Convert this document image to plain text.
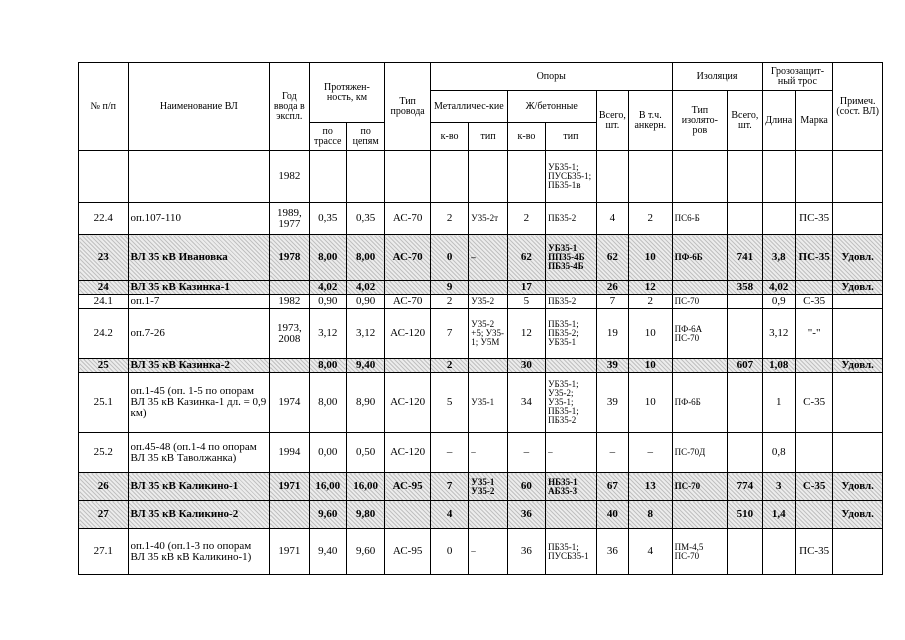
№ п/п	Наименование ВЛ	Год ввода в экспл.	Протяжен-ность, км		Тип провода	Опоры						Изоляция		Грозозащит-ный трос		Примеч. (сост. ВЛ)
						Металличес-кие		Ж/бетонные		Всего, шт.	В т.ч. анкерн.	Тип изолято-ров	Всего, шт.	Длина	Марка	
			по трассе	по цепям		к-во	тип	к-во	тип							
		1982							УБ35-1; ПУСБ35-1; ПБ35-1в							
22.4	оп.107-110	1989, 1977	0,35	0,35	АС-70	2	У35-2т	2	ПБ35-2	4	2	ПС6-Б			ПС-35	
23	ВЛ 35 кВ Ивановка	1978	8,00	8,00	АС-70	0	–	62	УБ35-1 ПП35-4Б ПБ35-4Б	62	10	ПФ-6Б	741	3,8	ПС-35	Удовл.
24	ВЛ 35 кВ Казинка-1		4,02	4,02		9		17		26	12		358	4,02		Удовл.
24.1	оп.1-7	1982	0,90	0,90	АС-70	2	У35-2	5	ПБ35-2	7	2	ПС-70		0,9	С-35	
24.2	оп.7-26	1973, 2008	3,12	3,12	АС-120	7	У35-2 +5; У35-1; У5М	12	ПБ35-1; ПБ35-2; УБ35-1	19	10	ПФ-6А ПС-70		3,12	"-"	
25	ВЛ 35 кВ Казинка-2		8,00	9,40		2		30		39	10		607	1,08		Удовл.
25.1	оп.1-45 (оп. 1-5 по опорам ВЛ 35 кВ Казинка-1 дл. = 0,9 км)	1974	8,00	8,90	АС-120	5	У35-1	34	УБ35-1; У35-2; У35-1; ПБ35-1; ПБ35-2	39	10	ПФ-6Б		1	С-35	
25.2	оп.45-48 (оп.1-4 по опорам ВЛ 35 кВ Таволжанка)	1994	0,00	0,50	АС-120	–	–	–	–	–	–	ПС-70Д		0,8		
26	ВЛ 35 кВ Каликино-1	1971	16,00	16,00	АС-95	7	У35-1 У35-2	60	НБ35-1 АБ35-3	67	13	ПС-70	774	3	С-35	Удовл.
27	ВЛ 35 кВ Каликино-2		9,60	9,80		4		36		40	8		510	1,4		Удовл.
27.1	оп.1-40 (оп.1-3 по опорам ВЛ 35 кВ кВ Каликино-1)	1971	9,40	9,60	АС-95	0	–	36	ПБ35-1; ПУСБ35-1	36	4	ПМ-4,5 ПС-70			ПС-35	
